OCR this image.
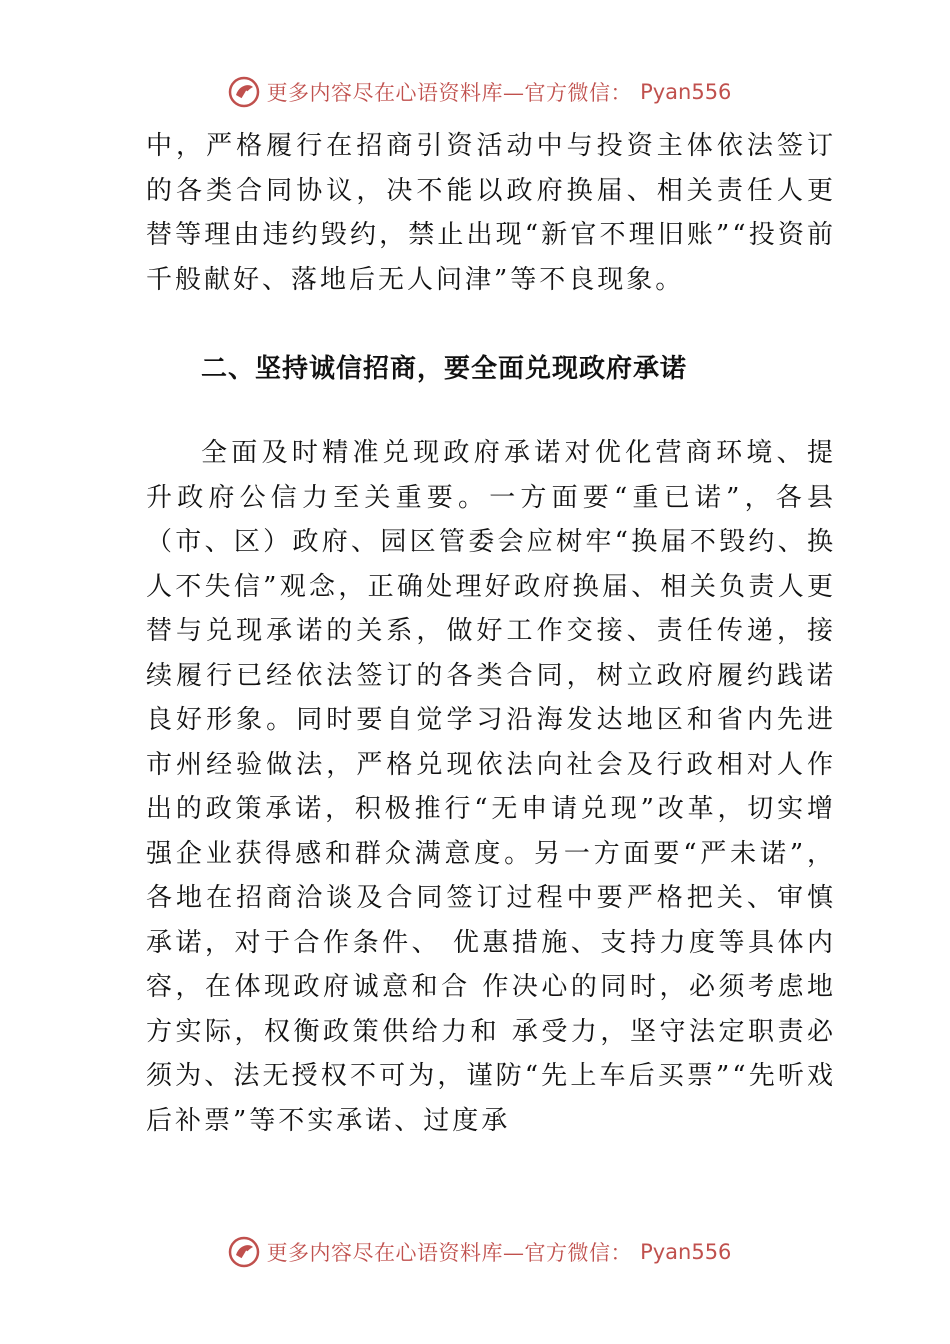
更多内容尽在心语资料库—官方微信： Pyan556

中，严格履行在招商引资活动中与投资主体依法签订的各类合同协议，决不能以政府换届、相关责任人更替等理由违约毁约，禁止出现“新官不理旧账”“投资前千般献好、落地后无人问津”等不良现象。

二、坚持诚信招商，要全面兑现政府承诺

全面及时精准兑现政府承诺对优化营商环境、提升政府公信力至关重要。一方面要“重已诺”，各县（市、区）政府、园区管委会应树牢“换届不毁约、换人不失信”观念，正确处理好政府换届、相关负责人更替与兑现承诺的关系，做好工作交接、责任传递，接续履行已经依法签订的各类合同，树立政府履约践诺良好形象。同时要自觉学习沿海发达地区和省内先进市州经验做法，严格兑现依法向社会及行政相对人作出的政策承诺，积极推行“无申请兑现”改革，切实增强企业获得感和群众满意度。另一方面要“严未诺”，各地在招商洽谈及合同签订过程中要严格把关、审慎承诺，对于合作条件、 优惠措施、支持力度等具体内容，在体现政府诚意和合 作决心的同时，必须考虑地方实际，权衡政策供给力和 承受力，坚守法定职责必须为、法无授权不可为，谨防“先上车后买票”“先听戏后补票”等不实承诺、过度承

更多内容尽在心语资料库—官方微信： Pyan556
